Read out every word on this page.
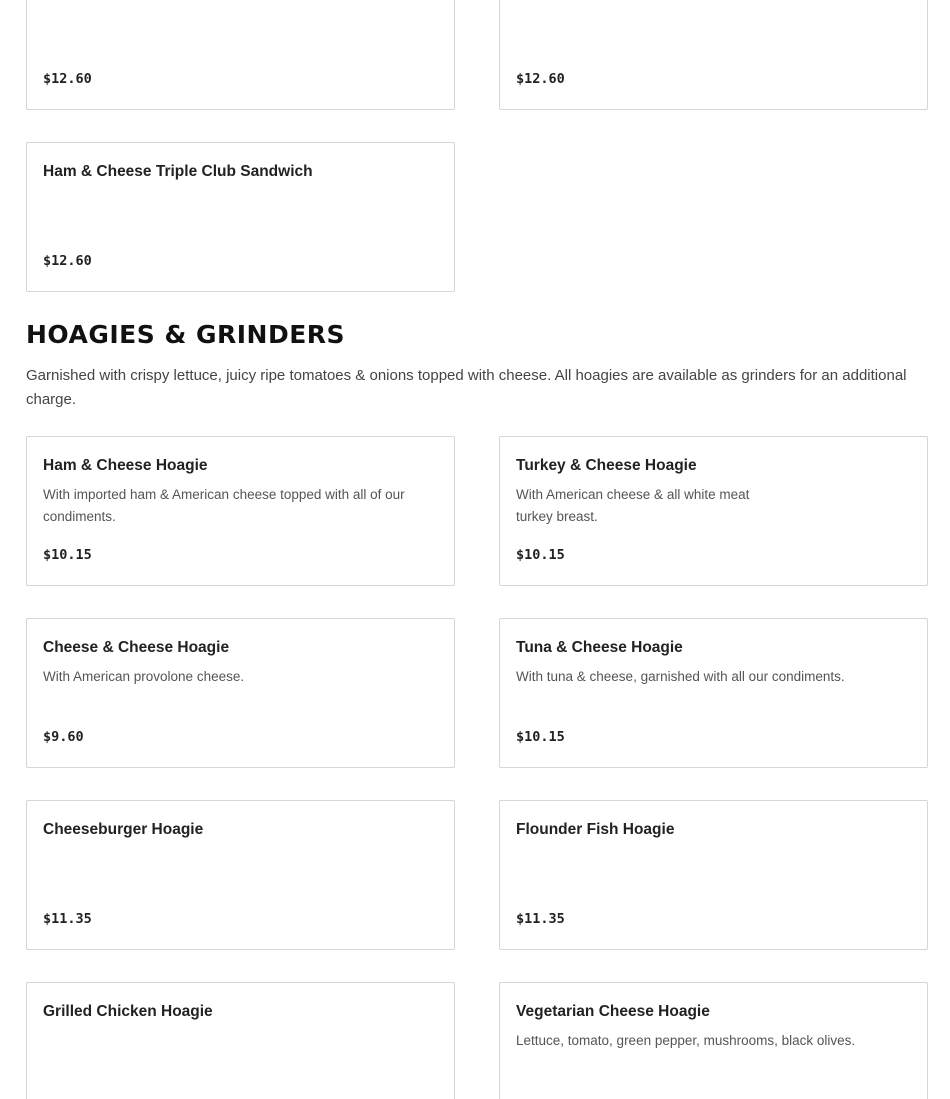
$12.60	$12.60
Ham & Cheese Triple Club Sandwich
$12.60
HOAGIES & GRINDERS

Garnished with crispy lettuce, juicy ripe tomatoes & onions topped with cheese. All hoagies are available as grinders for an additional charge.

Ham & Cheese Hoagie
With imported ham & American cheese topped with all of our condiments.
$10.15
Turkey & Cheese Hoagie
With American cheese & all white meat turkey breast.
$10.15
Cheese & Cheese Hoagie
With American provolone cheese.
$9.60
Tuna & Cheese Hoagie
With tuna & cheese, garnished with all our condiments.
$10.15
Cheeseburger Hoagie
$11.35
Flounder Fish Hoagie
$11.35
Grilled Chicken Hoagie	Vegetarian Cheese Hoagie
Lettuce, tomato, green pepper, mushrooms, black olives.
